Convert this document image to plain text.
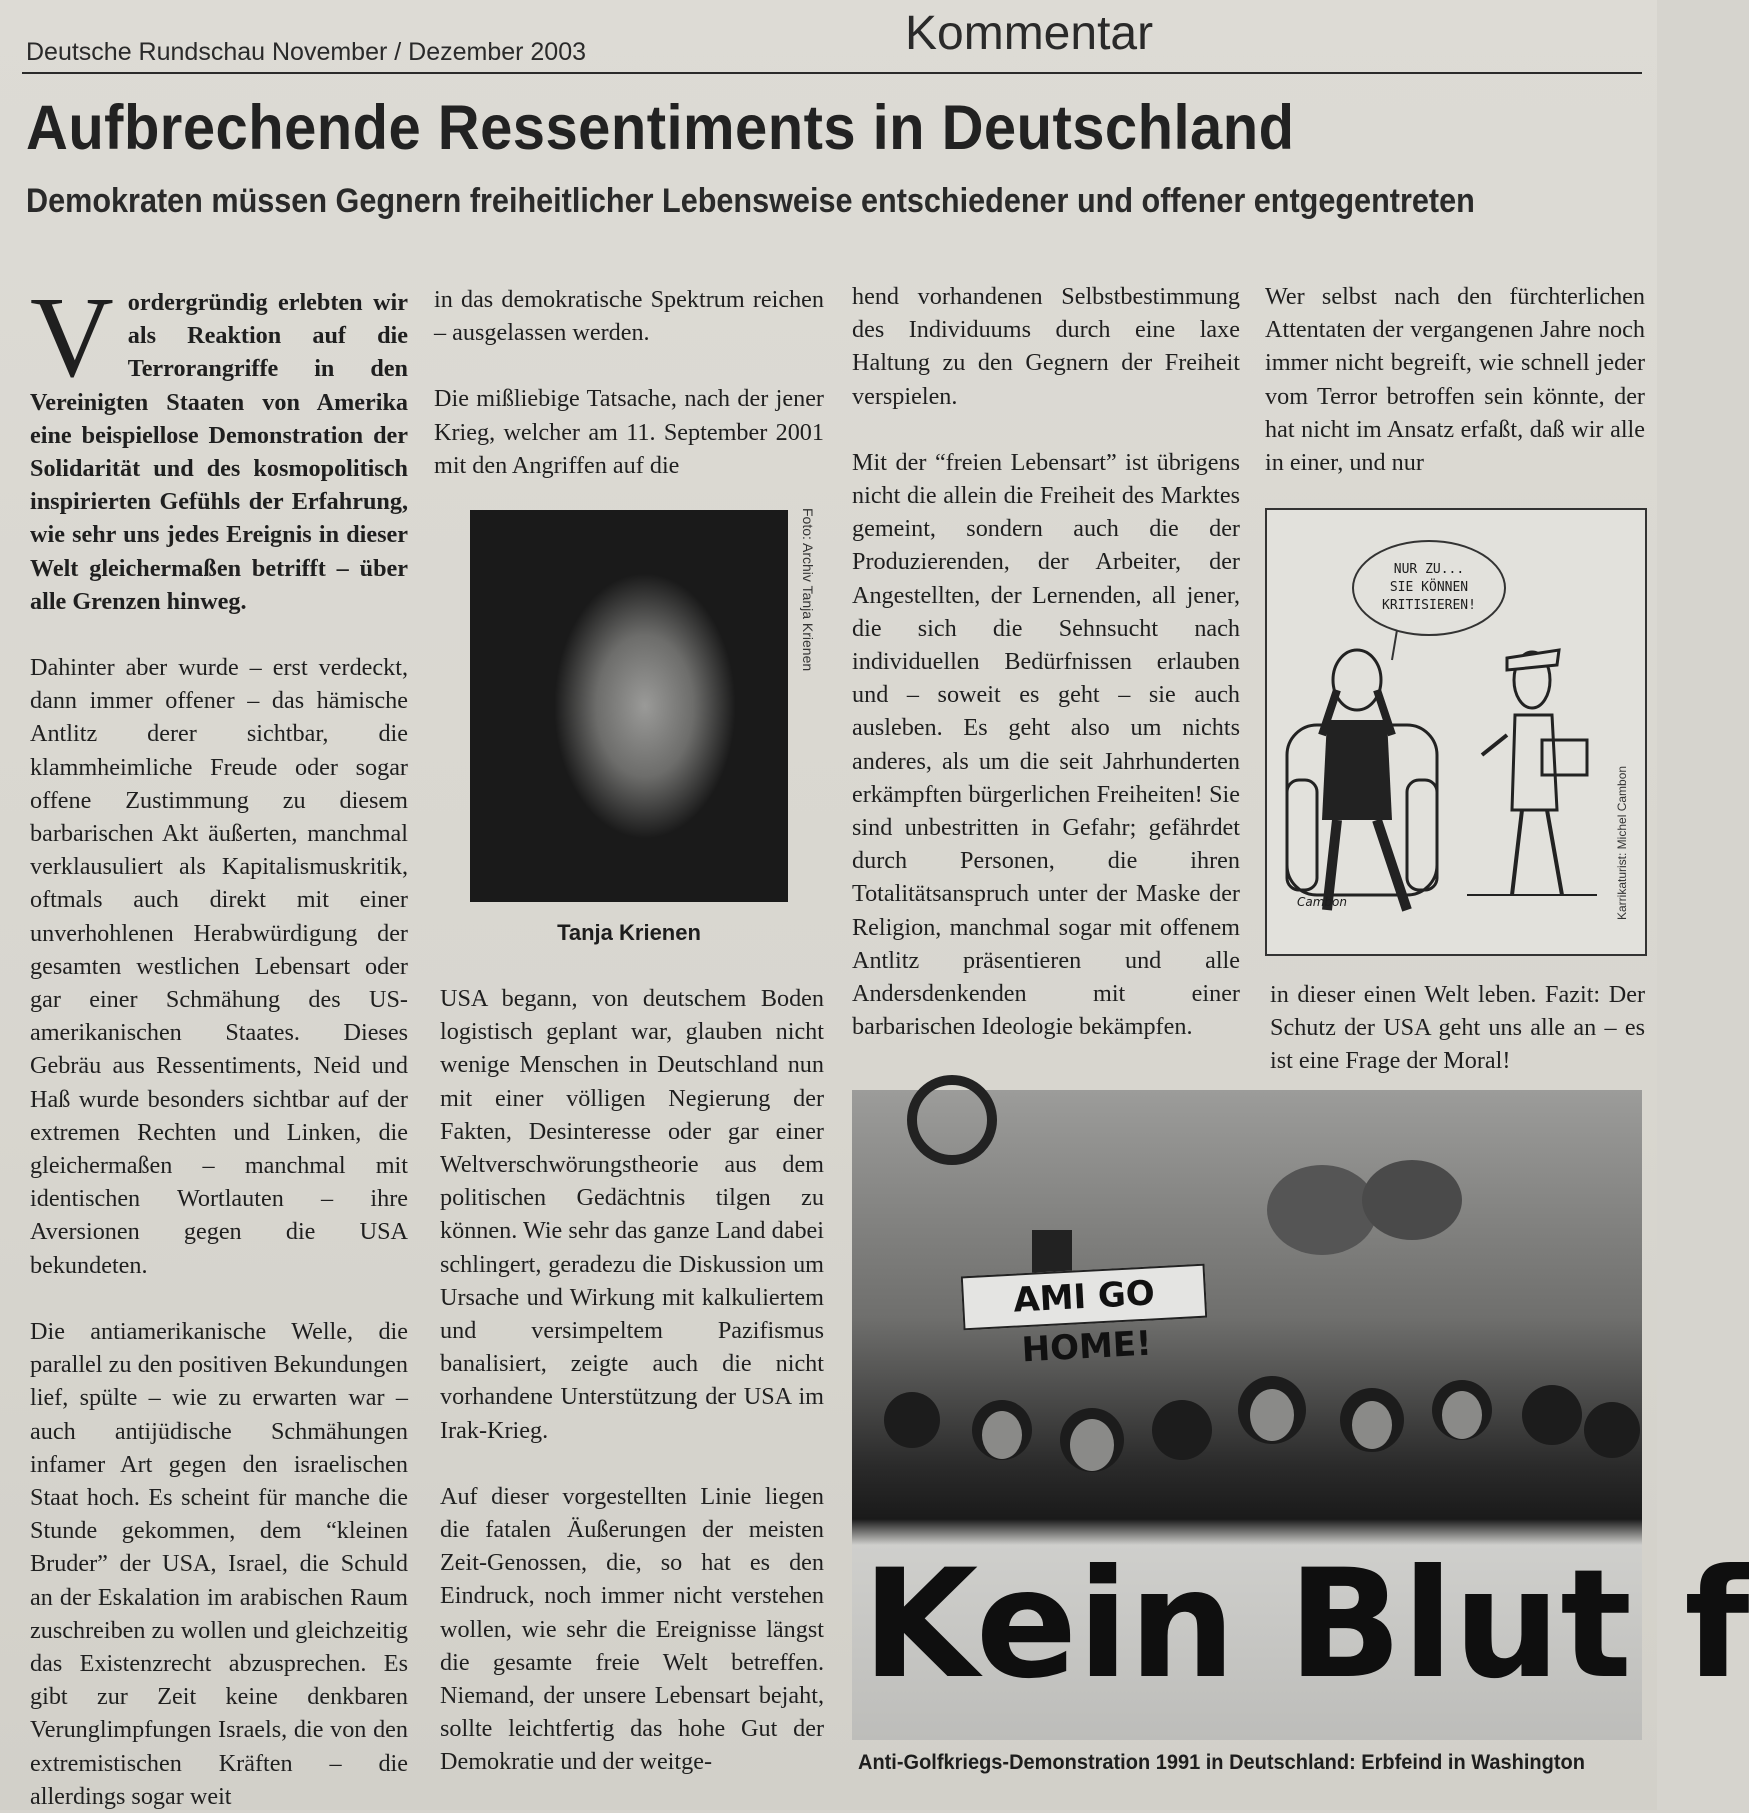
Deutsche Rundschau November / Dezember 2003	Kommentar
Aufbrechende Ressentiments in Deutschland
Demokraten müssen Gegnern freiheitlicher Lebensweise entschiedener und offener entgegentreten

Vordergründig erlebten wir als Reaktion auf die Terrorangriffe in den Vereinigten Staaten von Amerika eine beispiellose Demonstration der Solidarität und des kosmopolitisch inspirierten Gefühls der Erfahrung, wie sehr uns jedes Ereignis in dieser Welt gleichermaßen betrifft – über alle Grenzen hinweg.

Dahinter aber wurde – erst verdeckt, dann immer offener – das hämische Antlitz derer sichtbar, die klammheimliche Freude oder sogar offene Zustimmung zu diesem barbarischen Akt äußerten, manchmal verklausuliert als Kapitalismuskritik, oftmals auch direkt mit einer unverhohlenen Herabwürdigung der gesamten westlichen Lebensart oder gar einer Schmähung des US-amerikanischen Staates. Dieses Gebräu aus Ressentiments, Neid und Haß wurde besonders sichtbar auf der extremen Rechten und Linken, die gleichermaßen – manchmal mit identischen Wortlauten – ihre Aversionen gegen die USA bekundeten.

Die antiamerikanische Welle, die parallel zu den positiven Bekundungen lief, spülte – wie zu erwarten war – auch antijüdische Schmähungen infamer Art gegen den israelischen Staat hoch. Es scheint für manche die Stunde gekommen, dem “kleinen Bruder” der USA, Israel, die Schuld an der Eskalation im arabischen Raum zuschreiben zu wollen und gleichzeitig das Existenzrecht abzusprechen. Es gibt zur Zeit keine denkbaren Verunglimpfungen Israels, die von den extremistischen Kräften – die allerdings sogar weit

in das demokratische Spektrum reichen – ausgelassen werden.

Die mißliebige Tatsache, nach der jener Krieg, welcher am 11. September 2001 mit den Angriffen auf die

USA begann, von deutschem Boden logistisch geplant war, glauben nicht wenige Menschen in Deutschland nun mit einer völligen Negierung der Fakten, Desinteresse oder gar einer Weltverschwörungstheorie aus dem politischen Gedächtnis tilgen zu können. Wie sehr das ganze Land dabei schlingert, geradezu die Diskussion um Ursache und Wirkung mit kalkuliertem und versimpeltem Pazifismus banalisiert, zeigte auch die nicht vorhandene Unterstützung der USA im Irak-Krieg.

Auf dieser vorgestellten Linie liegen die fatalen Äußerungen der meisten Zeit-Genossen, die, so hat es den Eindruck, noch immer nicht verstehen wollen, wie sehr die Ereignisse längst die gesamte freie Welt betreffen. Niemand, der unsere Lebensart bejaht, sollte leichtfertig das hohe Gut der Demokratie und der weitge-

Foto: Archiv Tanja Krienen
Tanja Krienen

hend vorhandenen Selbstbestimmung des Individuums durch eine laxe Haltung zu den Gegnern der Freiheit verspielen.

Mit der “freien Lebensart” ist übrigens nicht die allein die Freiheit des Marktes gemeint, sondern auch die der Produzierenden, der Arbeiter, der Angestellten, der Lernenden, all jener, die sich die Sehnsucht nach individuellen Bedürfnissen erlauben und – soweit es geht – sie auch ausleben. Es geht also um nichts anderes, als um die seit Jahrhunderten erkämpften bürgerlichen Freiheiten! Sie sind unbestritten in Gefahr; gefährdet durch Personen, die ihren Totalitätsanspruch unter der Maske der Religion, manchmal sogar mit offenem Antlitz präsentieren und alle Andersdenkenden mit einer barbarischen Ideologie bekämpfen.

Wer selbst nach den fürchterlichen Attentaten der vergangenen Jahre noch immer nicht begreift, wie schnell jeder vom Terror betroffen sein könnte, der hat nicht im Ansatz erfaßt, daß wir alle in einer, und nur

in dieser einen Welt leben. Fazit: Der Schutz der USA geht uns alle an – es ist eine Frage der Moral!

NUR ZU...
SIE KÖNNEN
KRITISIEREN!
Cambon	Karrikaturist: Michel Cambon
AMI GO HOME!
Kein Blut f
Anti-Golfkriegs-Demonstration 1991 in Deutschland: Erbfeind in Washington
